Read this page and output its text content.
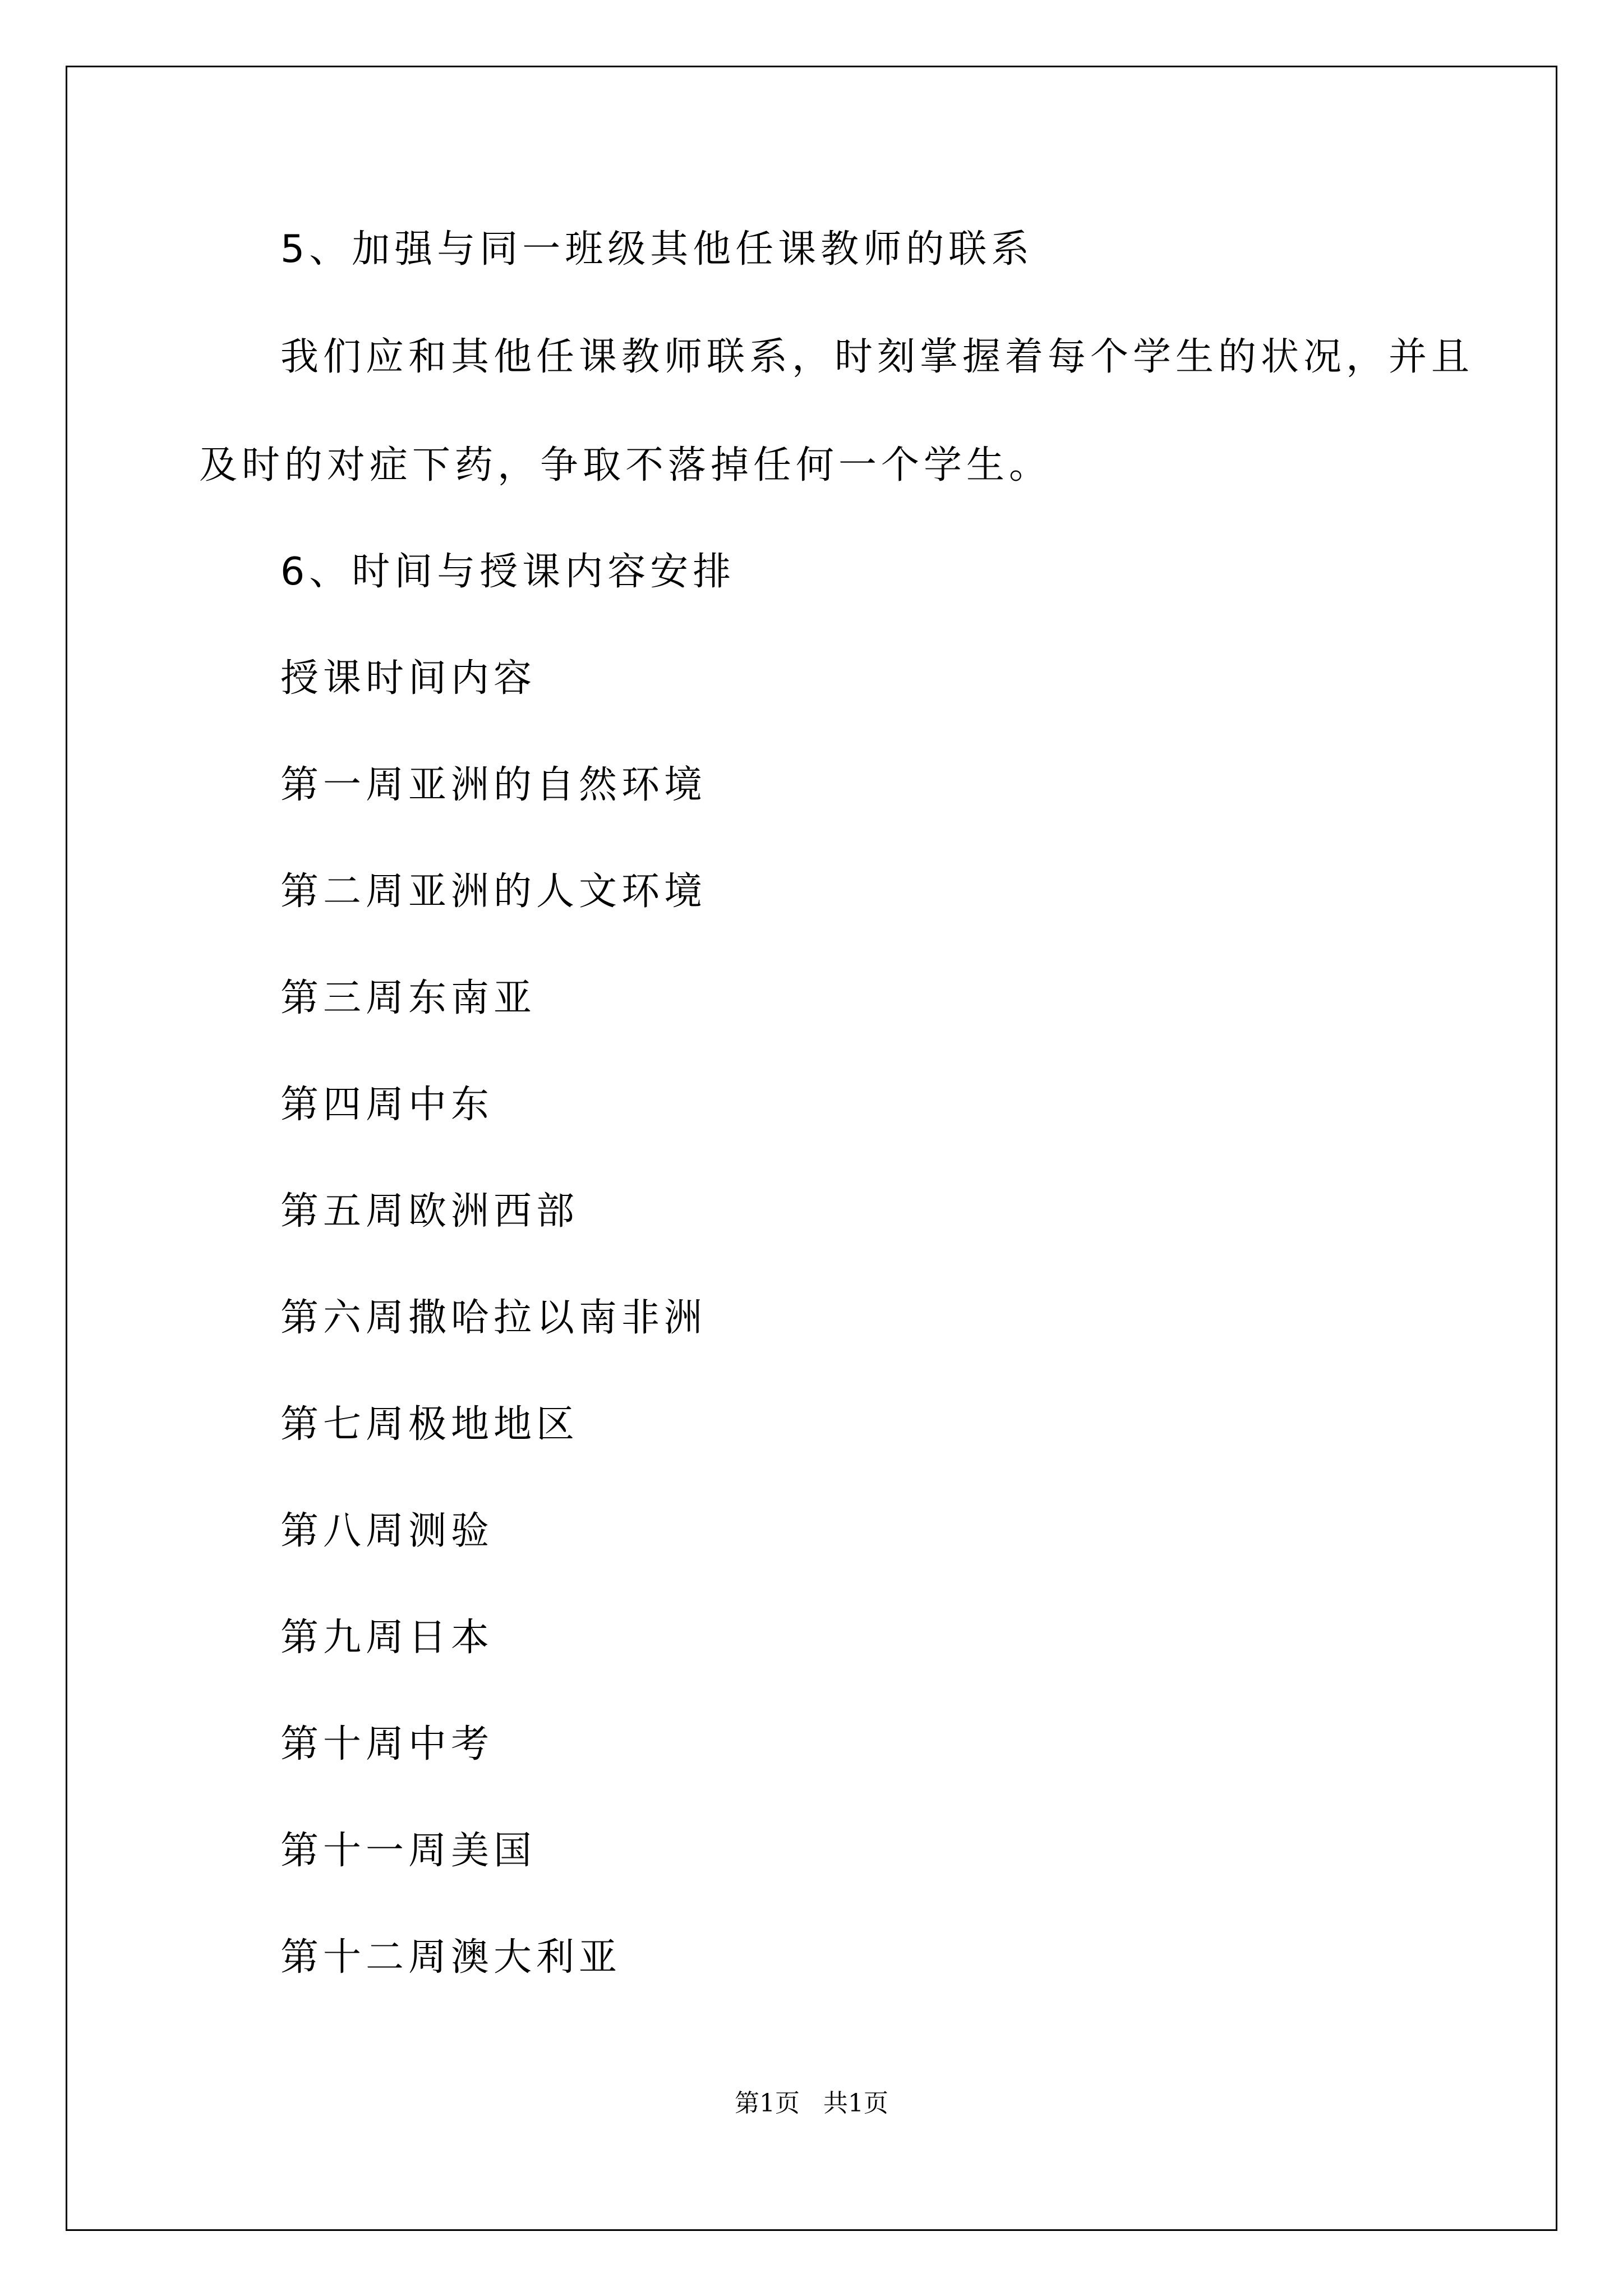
5、加强与同一班级其他任课教师的联系
我们应和其他任课教师联系，时刻掌握着每个学生的状况，并且
及时的对症下药，争取不落掉任何一个学生。
6、时间与授课内容安排
授课时间内容
第一周亚洲的自然环境
第二周亚洲的人文环境
第三周东南亚
第四周中东
第五周欧洲西部
第六周撒哈拉以南非洲
第七周极地地区
第八周测验
第九周日本
第十周中考
第十一周美国
第十二周澳大利亚
第1页   共1页
